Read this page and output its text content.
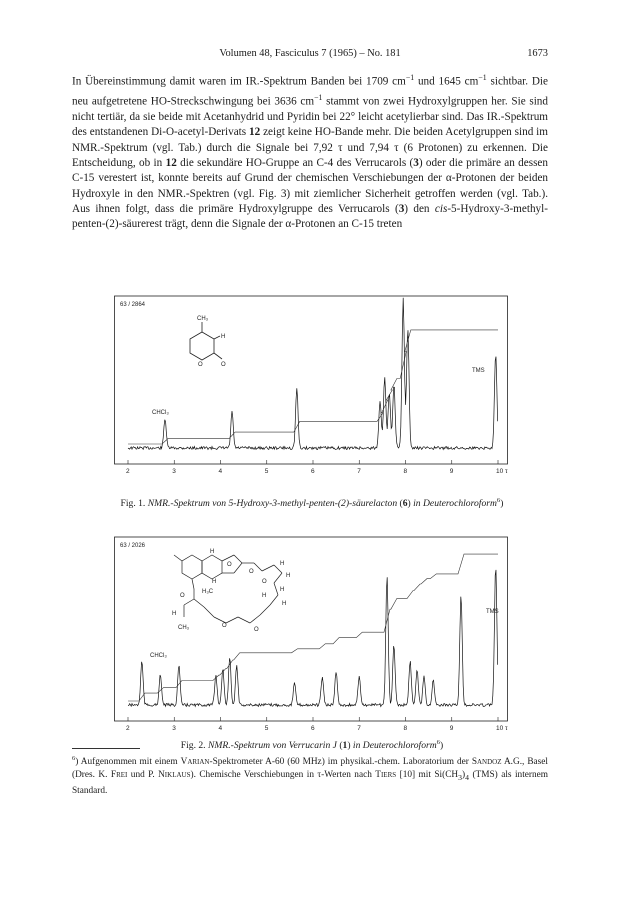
Volumen 48, Fasciculus 7 (1965) – No. 181	1673

In Übereinstimmung damit waren im IR.-Spektrum Banden bei 1709 $cm^{-1}$ und 1645 $cm^{-1}$ sichtbar. Die neu aufgetretene HO-Streckschwingung bei 3636 $cm^{-1}$ stammt von zwei Hydroxylgruppen her. Sie sind nicht tertiär, da sie beide mit Acetanhydrid und Pyridin bei 22° leicht acetylierbar sind. Das IR.-Spektrum des entstandenen Di-O-acetyl-Derivats 12 zeigt keine HO-Bande mehr. Die beiden Acetylgruppen sind im NMR.-Spektrum (vgl. Tab.) durch die Signale bei 7,92 τ und 7,94 τ (6 Protonen) zu erkennen. Die Entscheidung, ob in 12 die sekundäre HO-Gruppe an C-4 des Verrucarols (3) oder die primäre an dessen C-15 verestert ist, konnte bereits auf Grund der chemischen Verschiebungen der α-Protonen der beiden Hydroxyle in den NMR.-Spektren (vgl. Fig. 3) mit ziemlicher Sicherheit getroffen werden (vgl. Tab.). Aus ihnen folgt, dass die primäre Hydroxylgruppe des Verrucarols (3) den cis-5-Hydroxy-3-methyl-penten-(2)-säurerest trägt, denn die Signale der α-Protonen an C-15 treten

2	3	4	5	6	7	8	9	10 τ
63 / 2864
CH₃
H
O	O
CHCl₃
TMS
Fig. 1. NMR.-Spektrum von 5-Hydroxy-3-methyl-penten-(2)-säurelacton (6) in Deuterochloroform$^6$)
2	3	4	5	6	7	8	9	10 τ
63 / 2026
H
O
H
H₃C
O
H
O
H
H
O
H
CH₃	O
O
H
H
CHCl₃
TMS
Fig. 2. NMR.-Spektrum von Verrucarin J (1) in Deuterochloroform$^6$)

$^6$) Aufgenommen mit einem Varian-Spektrometer A-60 (60 MHz) im physikal.-chem. Laboratorium der Sandoz A.G., Basel (Dres. K. Frei und P. Niklaus). Chemische Verschiebungen in τ-Werten nach Tiers [10] mit $Si(CH_3)_4$ (TMS) als internem Standard.
